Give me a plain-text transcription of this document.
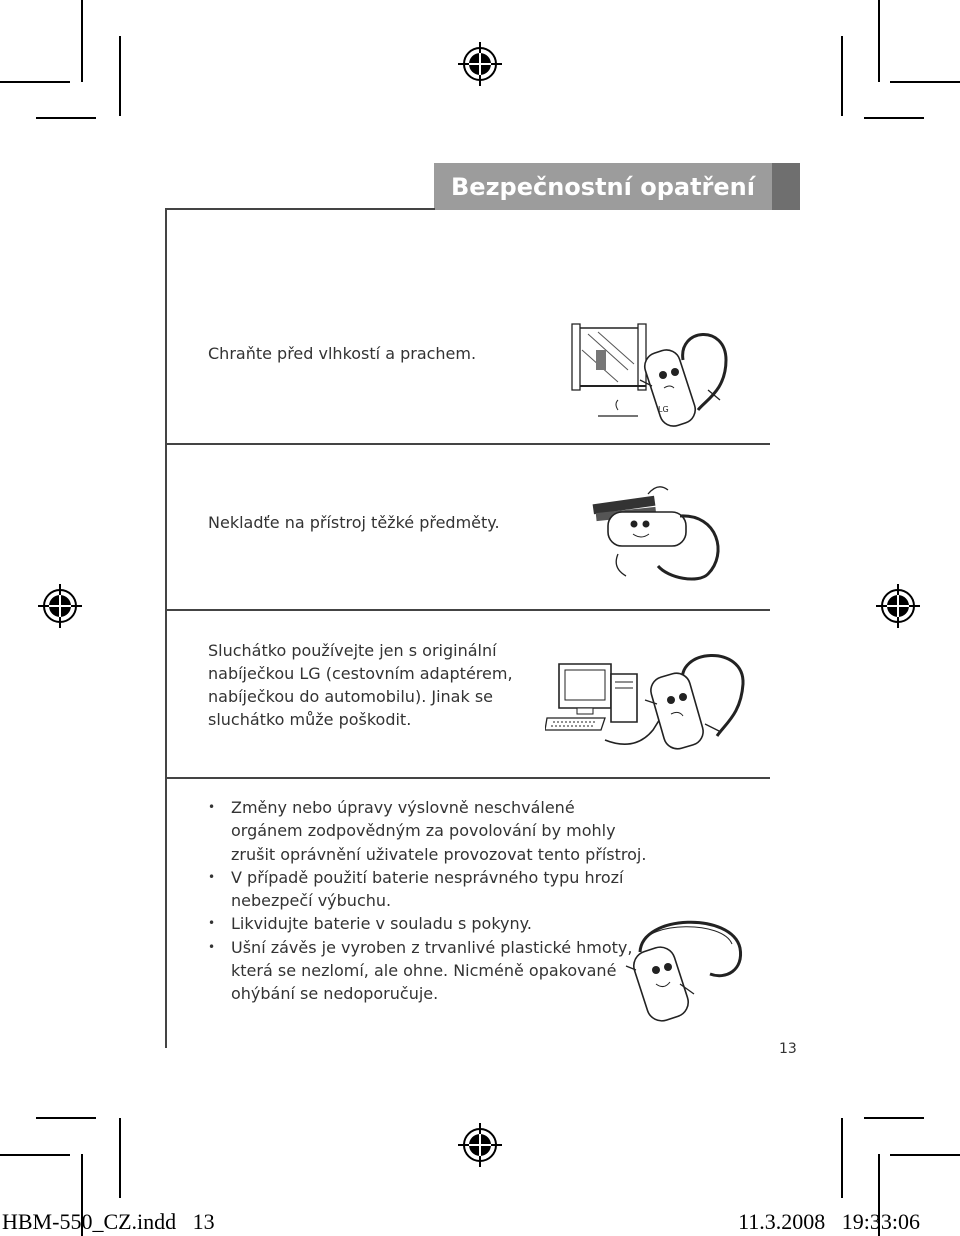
Bezpečnostní opatření
Chraňte před vlhkostí a prachem.
LG
Nekladťe na přístroj těžké předměty.
Sluchátko používejte jen s originální
nabíječkou LG (cestovním adaptérem,
nabíječkou do automobilu). Jinak se
sluchátko může poškodit.
• Změny nebo úpravy výslovně neschválené orgánem zodpovědným za povolování by mohly zrušit oprávnění uživatele provozovat tento přístroj.
• V případě použití baterie nesprávného typu hrozí nebezpečí výbuchu.
• Likvidujte baterie v souladu s pokyny.
• Ušní závěs je vyroben z trvanlivé plastické hmoty, která se nezlomí, ale ohne. Nicméně opakované ohýbání se nedoporučuje.
13
HBM-550_CZ.indd   13	11.3.2008   19:33:06
